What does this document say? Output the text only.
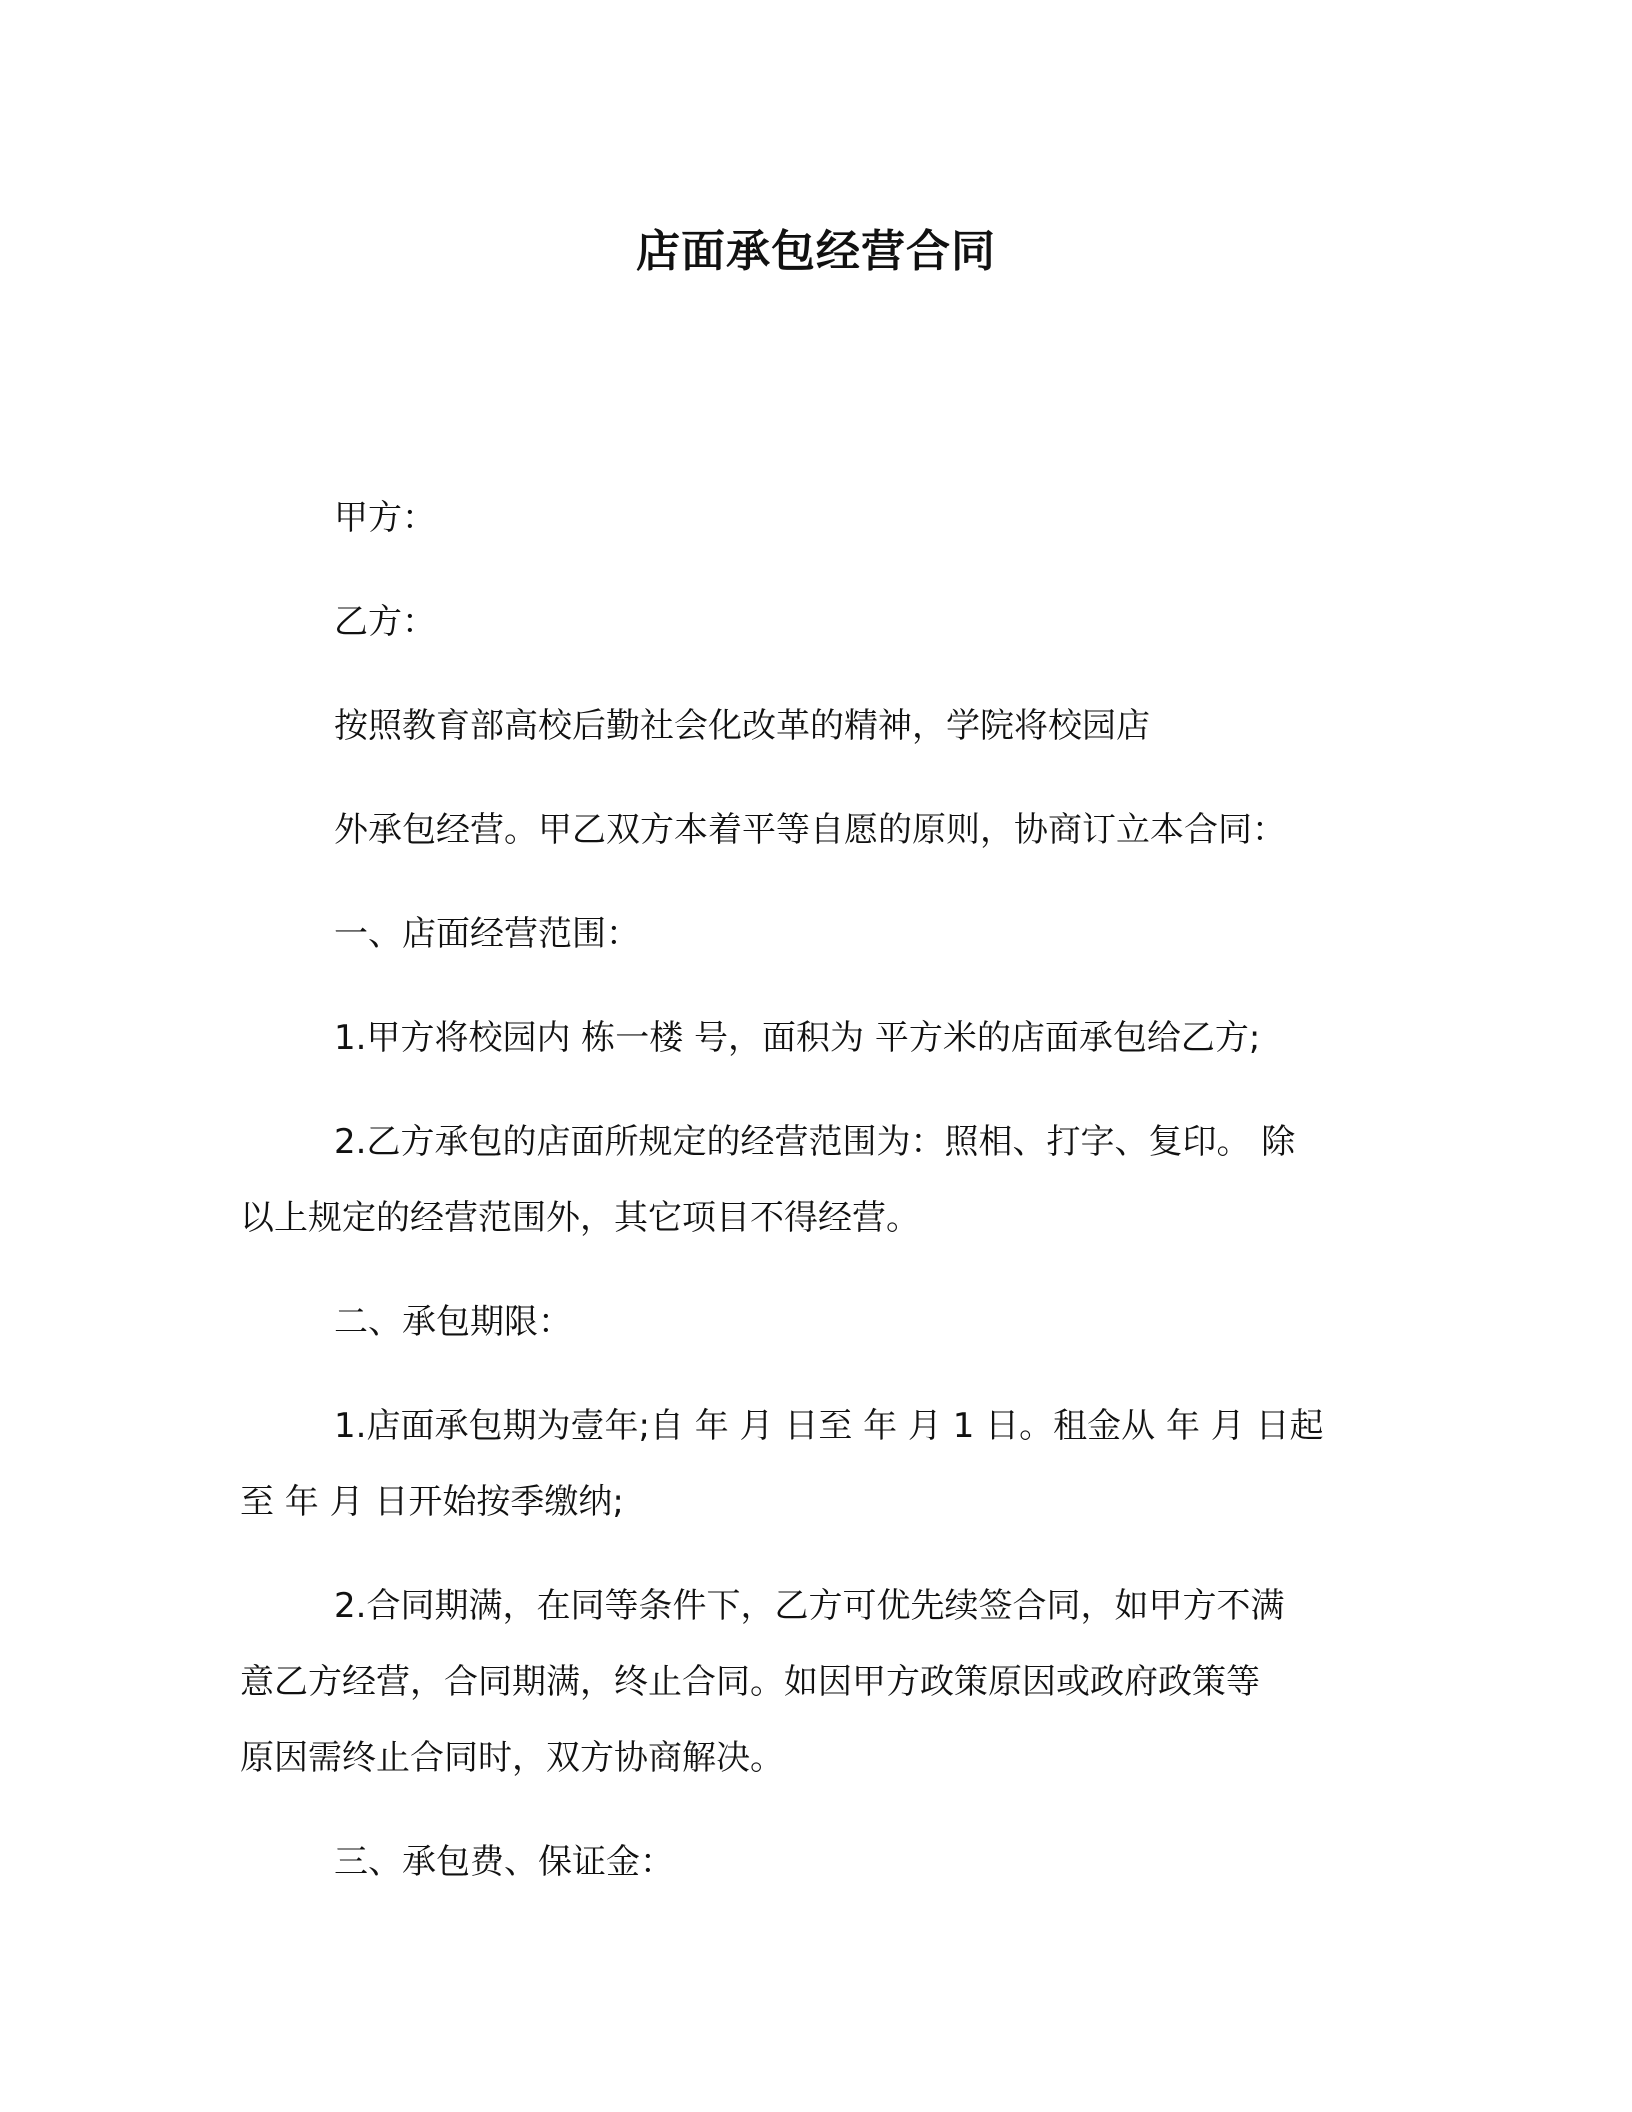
店面承包经营合同
甲方：
乙方：
按照教育部高校后勤社会化改革的精神，学院将校园店
外承包经营。甲乙双方本着平等自愿的原则，协商订立本合同：
一、店面经营范围：
1.甲方将校园内 栋一楼 号，面积为 平方米的店面承包给乙方;
2.乙方承包的店面所规定的经营范围为：照相、打字、复印。 除
以上规定的经营范围外，其它项目不得经营。
二、承包期限：
1.店面承包期为壹年;自 年 月 日至 年 月 1 日。租金从 年 月 日起
至 年 月 日开始按季缴纳;
2.合同期满，在同等条件下，乙方可优先续签合同，如甲方不满
意乙方经营，合同期满，终止合同。如因甲方政策原因或政府政策等
原因需终止合同时，双方协商解决。
三、承包费、保证金：
